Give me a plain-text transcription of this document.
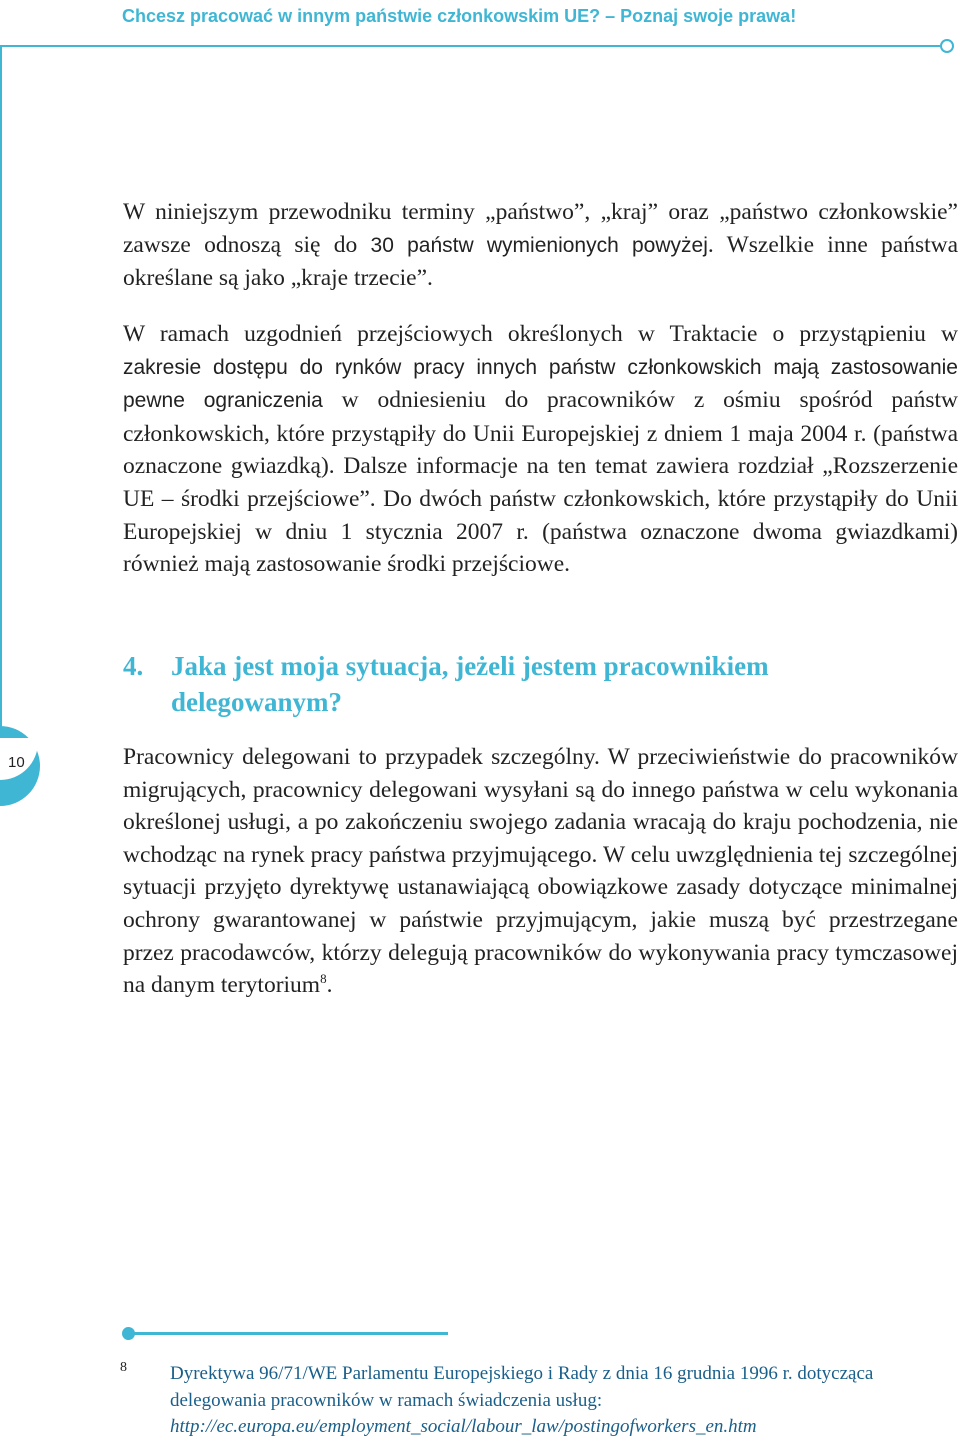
Chcesz pracować w innym państwie członkowskim UE? – Poznaj swoje prawa!
10

W niniejszym przewodniku terminy „państwo”, „kraj” oraz „państwo członkowskie” zawsze odnoszą się do 30 państw wymienionych powyżej. Wszelkie inne państwa określane są jako „kraje trzecie”.

W ramach uzgodnień przejściowych określonych w Traktacie o przystąpieniu w zakresie dostępu do rynków pracy innych państw członkowskich mają zastosowanie pewne ograniczenia w odniesieniu do pracowników z ośmiu spośród państw członkowskich, które przystąpiły do Unii Europejskiej z dniem 1 maja 2004 r. (państwa oznaczone gwiazdką). Dalsze informacje na ten temat zawiera rozdział „Rozszerzenie UE – środki przejściowe”. Do dwóch państw członkowskich, które przystąpiły do Unii Europejskiej w dniu 1 stycznia 2007 r. (państwa oznaczone dwoma gwiazdkami) również mają zastosowanie środki przejściowe.

4. Jaka jest moja sytuacja, jeżeli jestem pracownikiem delegowanym?

Pracownicy delegowani to przypadek szczególny. W przeciwieństwie do pracowników migrujących, pracownicy delegowani wysyłani są do innego państwa w celu wykonania określonej usługi, a po zakończeniu swojego zadania wracają do kraju pochodzenia, nie wchodząc na rynek pracy państwa przyjmującego. W celu uwzględnienia tej szczególnej sytuacji przyjęto dyrektywę ustanawiającą obowiązkowe zasady dotyczące minimalnej ochrony gwarantowanej w państwie przyjmującym, jakie muszą być przestrzegane przez pracodawców, którzy delegują pracowników do wykonywania pracy tymczasowej na danym terytorium$^8$.

8 Dyrektywa 96/71/WE Parlamentu Europejskiego i Rady z dnia 16 grudnia 1996 r. dotycząca delegowania pracowników w ramach świadczenia usług:
http://ec.europa.eu/employment_social/labour_law/postingofworkers_en.htm
